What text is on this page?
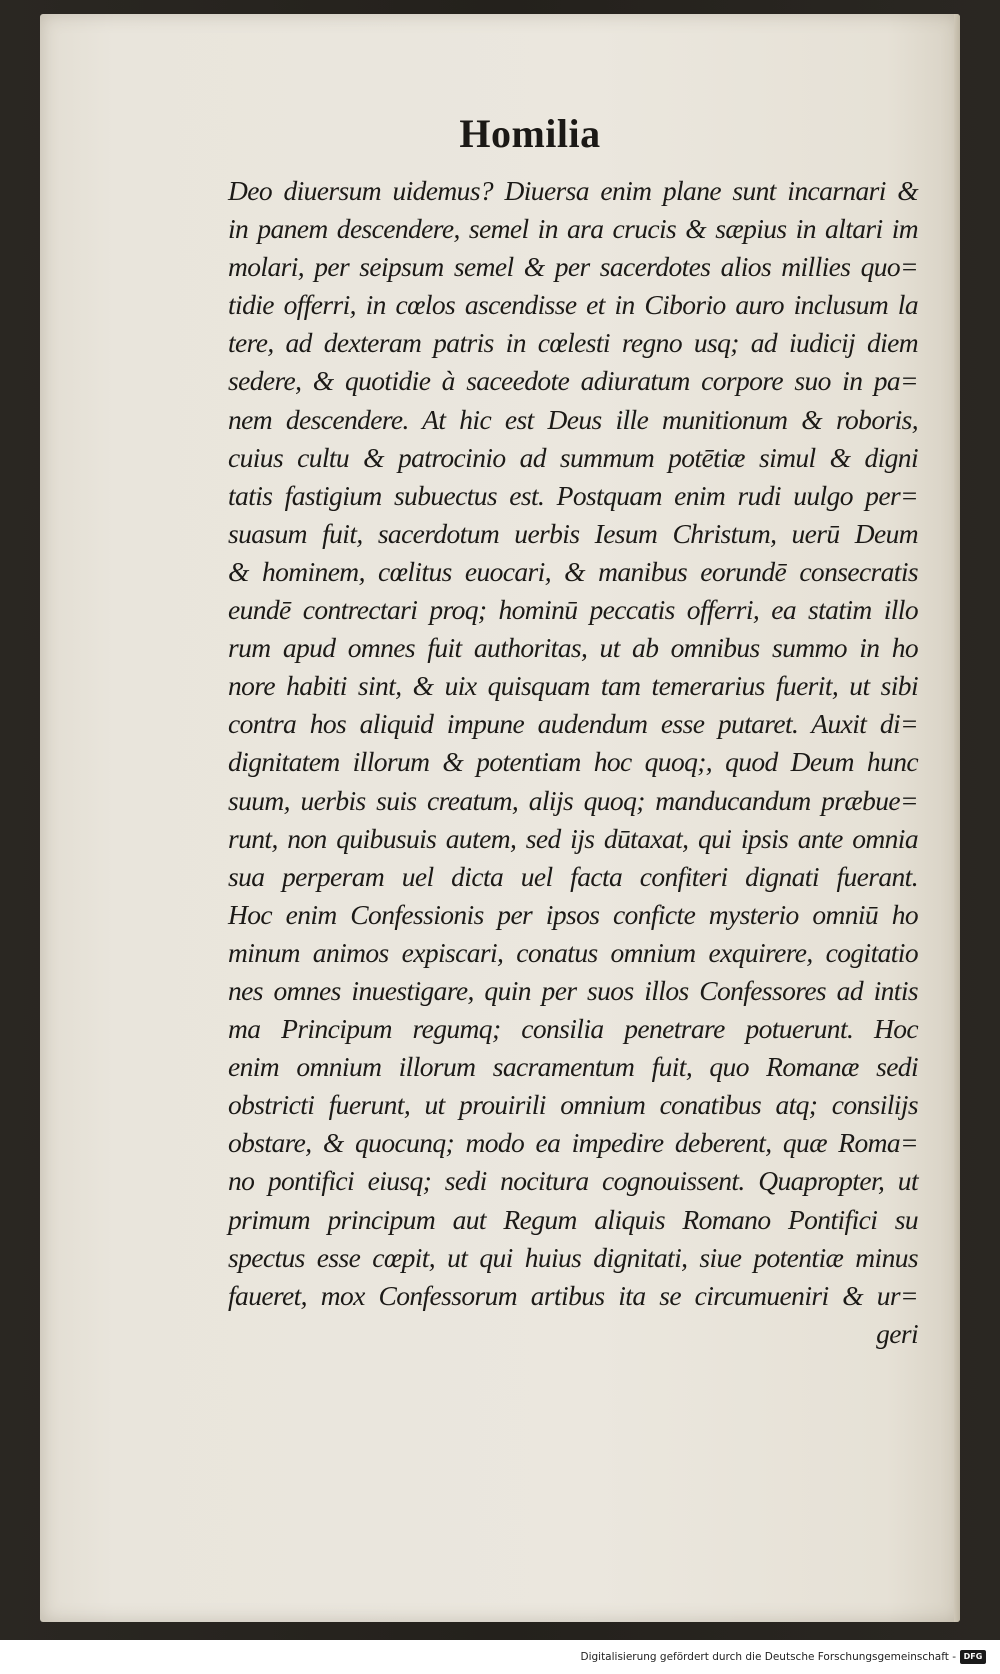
Homilia
Deo diuersum uidemus? Diuersa enim plane sunt incarnari &
in panem descendere, semel in ara crucis & sæpius in altari im
molari, per seipsum semel & per sacerdotes alios millies quo=
tidie offerri, in cœlos ascendisse et in Ciborio auro inclusum la
tere, ad dexteram patris in cœlesti regno usq; ad iudicij diem
sedere, & quotidie à saceedote adiuratum corpore suo in pa=
nem descendere. At hic est Deus ille munitionum & roboris,
cuius cultu & patrocinio ad summum potētiæ simul & digni
tatis fastigium subuectus est. Postquam enim rudi uulgo per=
suasum fuit, sacerdotum uerbis Iesum Christum, uerū Deum
& hominem, cœlitus euocari, & manibus eorundē consecratis
eundē contrectari proq; hominū peccatis offerri, ea statim illo
rum apud omnes fuit authoritas, ut ab omnibus summo in ho
nore habiti sint, & uix quisquam tam temerarius fuerit, ut sibi
contra hos aliquid impune audendum esse putaret. Auxit di=
dignitatem illorum & potentiam hoc quoq;, quod Deum hunc
suum, uerbis suis creatum, alijs quoq; manducandum præbue=
runt, non quibusuis autem, sed ijs dūtaxat, qui ipsis ante omnia
sua perperam uel dicta uel facta confiteri dignati fuerant.
Hoc enim Confessionis per ipsos conficte mysterio omniū ho
minum animos expiscari, conatus omnium exquirere, cogitatio
nes omnes inuestigare, quin per suos illos Confessores ad intis
ma Principum regumq; consilia penetrare potuerunt. Hoc
enim omnium illorum sacramentum fuit, quo Romanæ sedi
obstricti fuerunt, ut prouirili omnium conatibus atq; consilijs
obstare, & quocunq; modo ea impedire deberent, quæ Roma=
no pontifici eiusq; sedi nocitura cognouissent. Quapropter, ut
primum principum aut Regum aliquis Romano Pontifici su
spectus esse cœpit, ut qui huius dignitati, siue potentiæ minus
faueret, mox Confessorum artibus ita se circumueniri & ur=
geri
Digitalisierung gefördert durch die Deutsche Forschungsgemeinschaft - DFG
